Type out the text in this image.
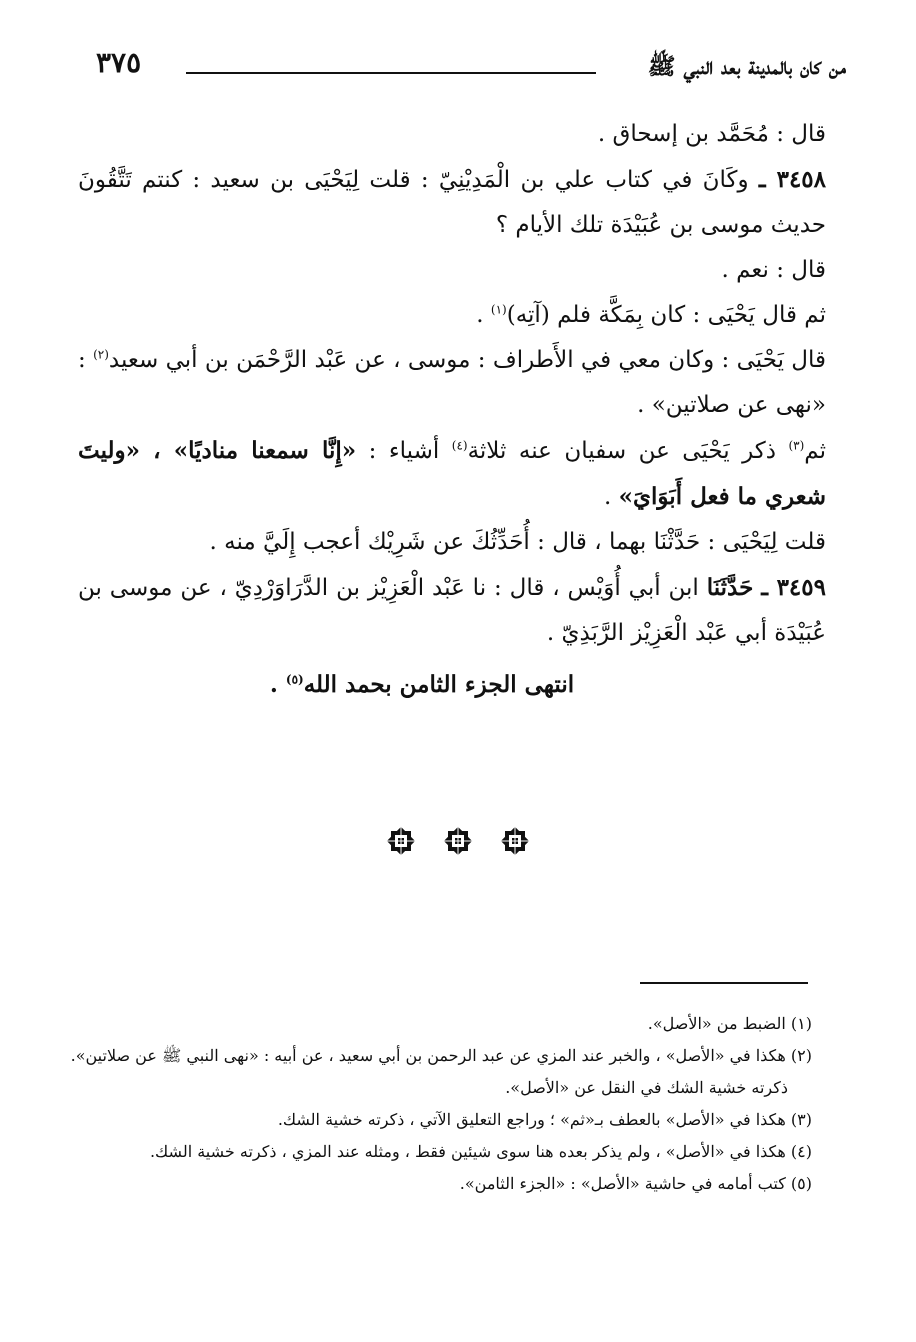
من كان بالمدينة بعد النبي ﷺ
٣٧٥

قال : مُحَمَّد بن إسحاق .

٣٤٥٨ ـ وكَانَ في كتاب علي بن الْمَدِيْنِيّ : قلت لِيَحْيَى بن سعيد : كنتم تَتَّقُونَ حديث موسى بن عُبَيْدَة تلك الأيام ؟

قال : نعم .

ثم قال يَحْيَى : كان بِمَكَّة فلم (آتِه)$^{(١)}$ .

قال يَحْيَى : وكان معي في الأَطراف : موسى ، عن عَبْد الرَّحْمَن بن أبي سعيد$^{(٢)}$ : «نهى عن صلاتين» .

ثم$^{(٣)}$ ذكر يَحْيَى عن سفيان عنه ثلاثة$^{(٤)}$ أشياء : «إِنَّا سمعنا مناديًا» ، «وليتَ شعري ما فعل أَبَوَايَ» .

قلت لِيَحْيَى : حَدَّثْنَا بهما ، قال : أُحَدِّثُكَ عن شَرِيْك أعجب إِلَيَّ منه .

٣٤٥٩ ـ حَدَّثَنَا ابن أبي أُوَيْس ، قال : نا عَبْد الْعَزِيْز بن الدَّرَاوَرْدِيّ ، عن موسى بن عُبَيْدَة أبي عَبْد الْعَزِيْز الرَّبَذِيّ .

انتهى الجزء الثامن بحمد الله$^{(٥)}$ .

(١) الضبط من «الأصل».

(٢) هكذا في «الأصل» ، والخبر عند المزي عن عبد الرحمن بن أبي سعيد ، عن أبيه : «نهى النبي ﷺ عن صلاتين».

ذكرته خشية الشك في النقل عن «الأصل».

(٣) هكذا في «الأصل» بالعطف بـ«ثم» ؛ وراجع التعليق الآتي ، ذكرته خشية الشك.

(٤) هكذا في «الأصل» ، ولم يذكر بعده هنا سوى شيئين فقط ، ومثله عند المزي ، ذكرته خشية الشك.

(٥) كتب أمامه في حاشية «الأصل» : «الجزء الثامن».
